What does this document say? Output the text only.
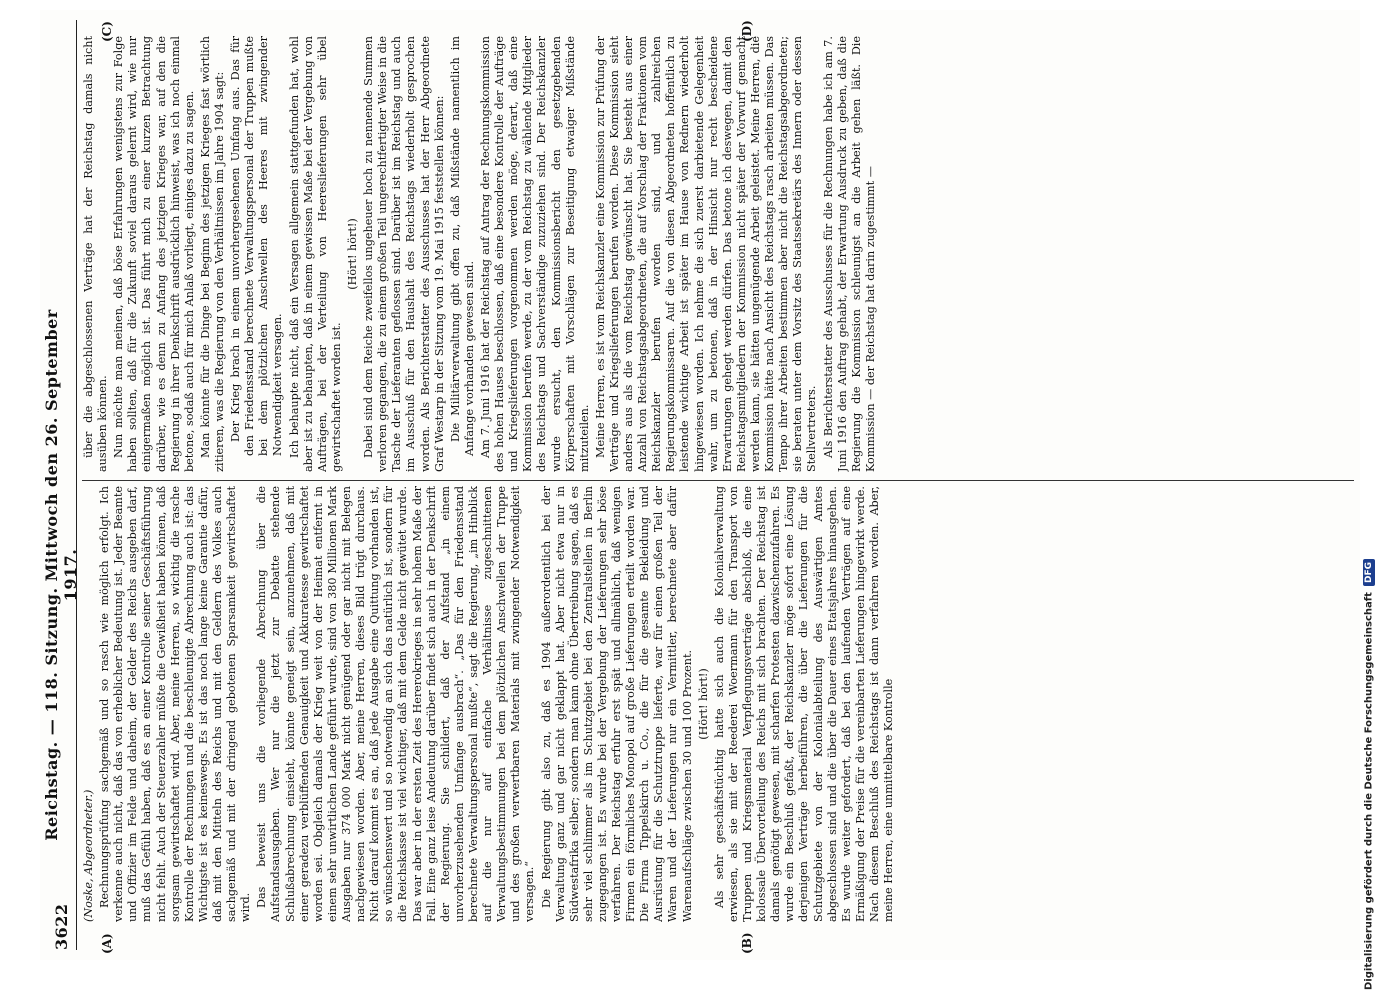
3622
Reichstag. — 118. Sitzung. Mittwoch den 26. September 1917.
(A)	(B)
(C)	(D)
(Noske, Abgeordneter.) Rechnungsprüfung sachgemäß und so rasch wie möglich erfolgt. Ich verkenne auch nicht, daß das von erheblicher Bedeutung ist. Jeder Beamte und Offizier im Felde und daheim, der Gelder des Reichs ausgeben darf, muß das Gefühl haben, daß es an einer Kontrolle seiner Geschäftsführung nicht fehlt. Auch der Steuerzahler müßte die Gewißheit haben können, daß sorgsam gewirtschaftet wird. Aber, meine Herren, so wichtig die rasche Kontrolle der Rechnungen und die beschleunigte Abrechnung auch ist: das Wichtigste ist es keineswegs. Es ist das noch lange keine Garantie dafür, daß mit den Mitteln des Reichs und mit den Geldern des Volkes auch sachgemäß und mit der dringend gebotenen Sparsamkeit gewirtschaftet wird. Das beweist uns die vorliegende Abrechnung über die Aufstandsausgaben. Wer nur die jetzt zur Debatte stehende Schlußabrechnung einsieht, könnte geneigt sein, anzunehmen, daß mit einer geradezu verblüffenden Genauigkeit und Akkuratesse gewirtschaftet worden sei. Obgleich damals der Krieg weit von der Heimat entfernt in einem sehr unwirtlichen Lande geführt wurde, sind von 380 Millionen Mark Ausgaben nur 374 000 Mark nicht genügend oder gar nicht mit Belegen nachgewiesen worden. Aber, meine Herren, dieses Bild trügt durchaus. Nicht darauf kommt es an, daß jede Ausgabe eine Quittung vorhanden ist, so wünschenswert und so notwendig an sich das natürlich ist, sondern für die Reichskasse ist viel wichtiger, daß mit dem Gelde nicht gewütet wurde. Das war aber in der ersten Zeit des Hererokrieges in sehr hohem Maße der Fall. Eine ganz leise Andeutung darüber findet sich auch in der Denkschrift der Regierung. Sie schildert, daß der Aufstand „in einem unvorherzusehenden Umfange ausbrach“. „Das für den Friedensstand berechnete Verwaltungspersonal mußte“, sagt die Regierung, „im Hinblick auf die nur auf einfache Verhältnisse zugeschnittenen Verwaltungsbestimmungen bei dem plötzlichen Anschwellen der Truppe und des großen verwertbaren Materials mit zwingender Notwendigkeit versagen.“ Die Regierung gibt also zu, daß es 1904 außerordentlich bei der Verwaltung ganz und gar nicht geklappt hat. Aber nicht etwa nur in Südwestafrika selber; sondern man kann ohne Übertreibung sagen, daß es sehr viel schlimmer als im Schutzgebiet bei den Zentralstellen in Berlin zugegangen ist. Es wurde bei der Vergebung der Lieferungen sehr böse verfahren. Der Reichstag erfuhr erst spät und allmählich, daß wenigen Firmen ein förmliches Monopol auf große Lieferungen erteilt worden war. Die Firma Tippelskirch u. Co., die für die gesamte Bekleidung und Ausrüstung für die Schutztruppe lieferte, war für einen großen Teil der Waren und der Lieferungen nur ein Vermittler, berechnete aber dafür Warenaufschläge zwischen 30 und 100 Prozent. (Hört! hört!) Als sehr geschäftstüchtig hatte sich auch die Kolonialverwaltung erwiesen, als sie mit der Reederei Woermann für den Transport von Truppen und Kriegsmaterial Verpflegungsverträge abschloß, die eine kolossale Übervorteilung des Reichs mit sich brachten. Der Reichstag ist damals genötigt gewesen, mit scharfen Protesten dazwischenzufahren. Es wurde ein Beschluß gefaßt, der Reichskanzler möge sofort eine Lösung derjenigen Verträge herbeiführen, die über die Lieferungen für die Schutzgebiete von der Kolonialabteilung des Auswärtigen Amtes abgeschlossen sind und die über die Dauer eines Etatsjahres hinausgehen. Es wurde weiter gefordert, daß bei den laufenden Verträgen auf eine Ermäßigung der Preise für die vereinbarten Lieferungen hingewirkt werde. Nach diesem Beschluß des Reichstags ist dann verfahren worden. Aber, meine Herren, eine unmittelbare Kontrolle

über die abgeschlossenen Verträge hat der Reichstag damals nicht ausüben können. Nun möchte man meinen, daß böse Erfahrungen wenigstens zur Folge haben sollten, daß für die Zukunft soviel daraus gelernt wird, wie nur einigermaßen möglich ist. Das führt mich zu einer kurzen Betrachtung darüber, wie es denn zu Anfang des jetzigen Krieges war, auf den die Regierung in ihrer Denkschrift ausdrücklich hinweist, was ich noch einmal betone, sodaß auch für mich Anlaß vorliegt, einiges dazu zu sagen. Man könnte für die Dinge bei Beginn des jetzigen Krieges fast wörtlich zitieren, was die Regierung von den Verhältnissen im Jahre 1904 sagt: Der Krieg brach in einem unvorhergesehenen Umfang aus. Das für den Friedensstand berechnete Verwaltungspersonal der Truppen mußte bei dem plötzlichen Anschwellen des Heeres mit zwingender Notwendigkeit versagen. Ich behaupte nicht, daß ein Versagen allgemein stattgefunden hat, wohl aber ist zu behaupten, daß in einem gewissen Maße bei der Vergebung von Aufträgen, bei der Verteilung von Heereslieferungen sehr übel gewirtschaftet worden ist.

(Hört! hört!) Dabei sind dem Reiche zweifellos ungeheuer hoch zu nennende Summen verloren gegangen, die zu einem großen Teil ungerechtfertigter Weise in die Tasche der Lieferanten geflossen sind. Darüber ist im Reichstag und auch im Ausschuß für den Haushalt des Reichstags wiederholt gesprochen worden. Als Berichterstatter des Ausschusses hat der Herr Abgeordnete Graf Westarp in der Sitzung vom 19. Mai 1915 feststellen können: Die Militärverwaltung gibt offen zu, daß Mißstände namentlich im Anfange vorhanden gewesen sind. Am 7. Juni 1916 hat der Reichstag auf Antrag der Rechnungskommission des hohen Hauses beschlossen, daß eine besondere Kontrolle der Aufträge und Kriegslieferungen vorgenommen werden möge, derart, daß eine Kommission berufen werde, zu der vom Reichstag zu wählende Mitglieder des Reichstags und Sachverständige zuzuziehen sind. Der Reichskanzler wurde ersucht, den Kommissionsbericht den gesetzgebenden Körperschaften mit Vorschlägen zur Beseitigung etwaiger Mißstände mitzuteilen. Meine Herren, es ist vom Reichskanzler eine Kommission zur Prüfung der Verträge und Kriegslieferungen berufen worden. Diese Kommission sieht anders aus als die vom Reichstag gewünscht hat. Sie besteht aus einer Anzahl von Reichstagsabgeordneten, die auf Vorschlag der Fraktionen vom Reichskanzler berufen worden sind, und zahlreichen Regierungskommissaren. Auf die von diesen Abgeordneten hoffentlich zu leistende wichtige Arbeit ist später im Hause von Rednern wiederholt hingewiesen worden. Ich nehme die sich zuerst darbietende Gelegenheit wahr, um zu betonen, daß in der Hinsicht nur recht bescheidene Erwartungen gehegt werden dürfen. Das betone ich deswegen, damit den Reichstagsmitgliedern der Kommission nicht später der Vorwurf gemacht werden kann, sie hätten ungenügende Arbeit geleistet. Meine Herren, die Kommission hätte nach Ansicht des Reichstags rasch arbeiten müssen. Das Tempo ihrer Arbeiten bestimmen aber nicht die Reichstagsabgeordneten; sie beraten unter dem Vorsitz des Staatssekretärs des Innern oder dessen Stellvertreters. Als Berichterstatter des Ausschusses für die Rechnungen habe ich am 7. Juni 1916 den Auftrag gehabt, der Erwartung Ausdruck zu geben, daß die Regierung die Kommission schleunigst an die Arbeit gehen läßt. Die Kommission — der Reichstag hat darin zugestimmt —

Digitalisierung gefördert durch die Deutsche Forschungsgemeinschaft
DFG
